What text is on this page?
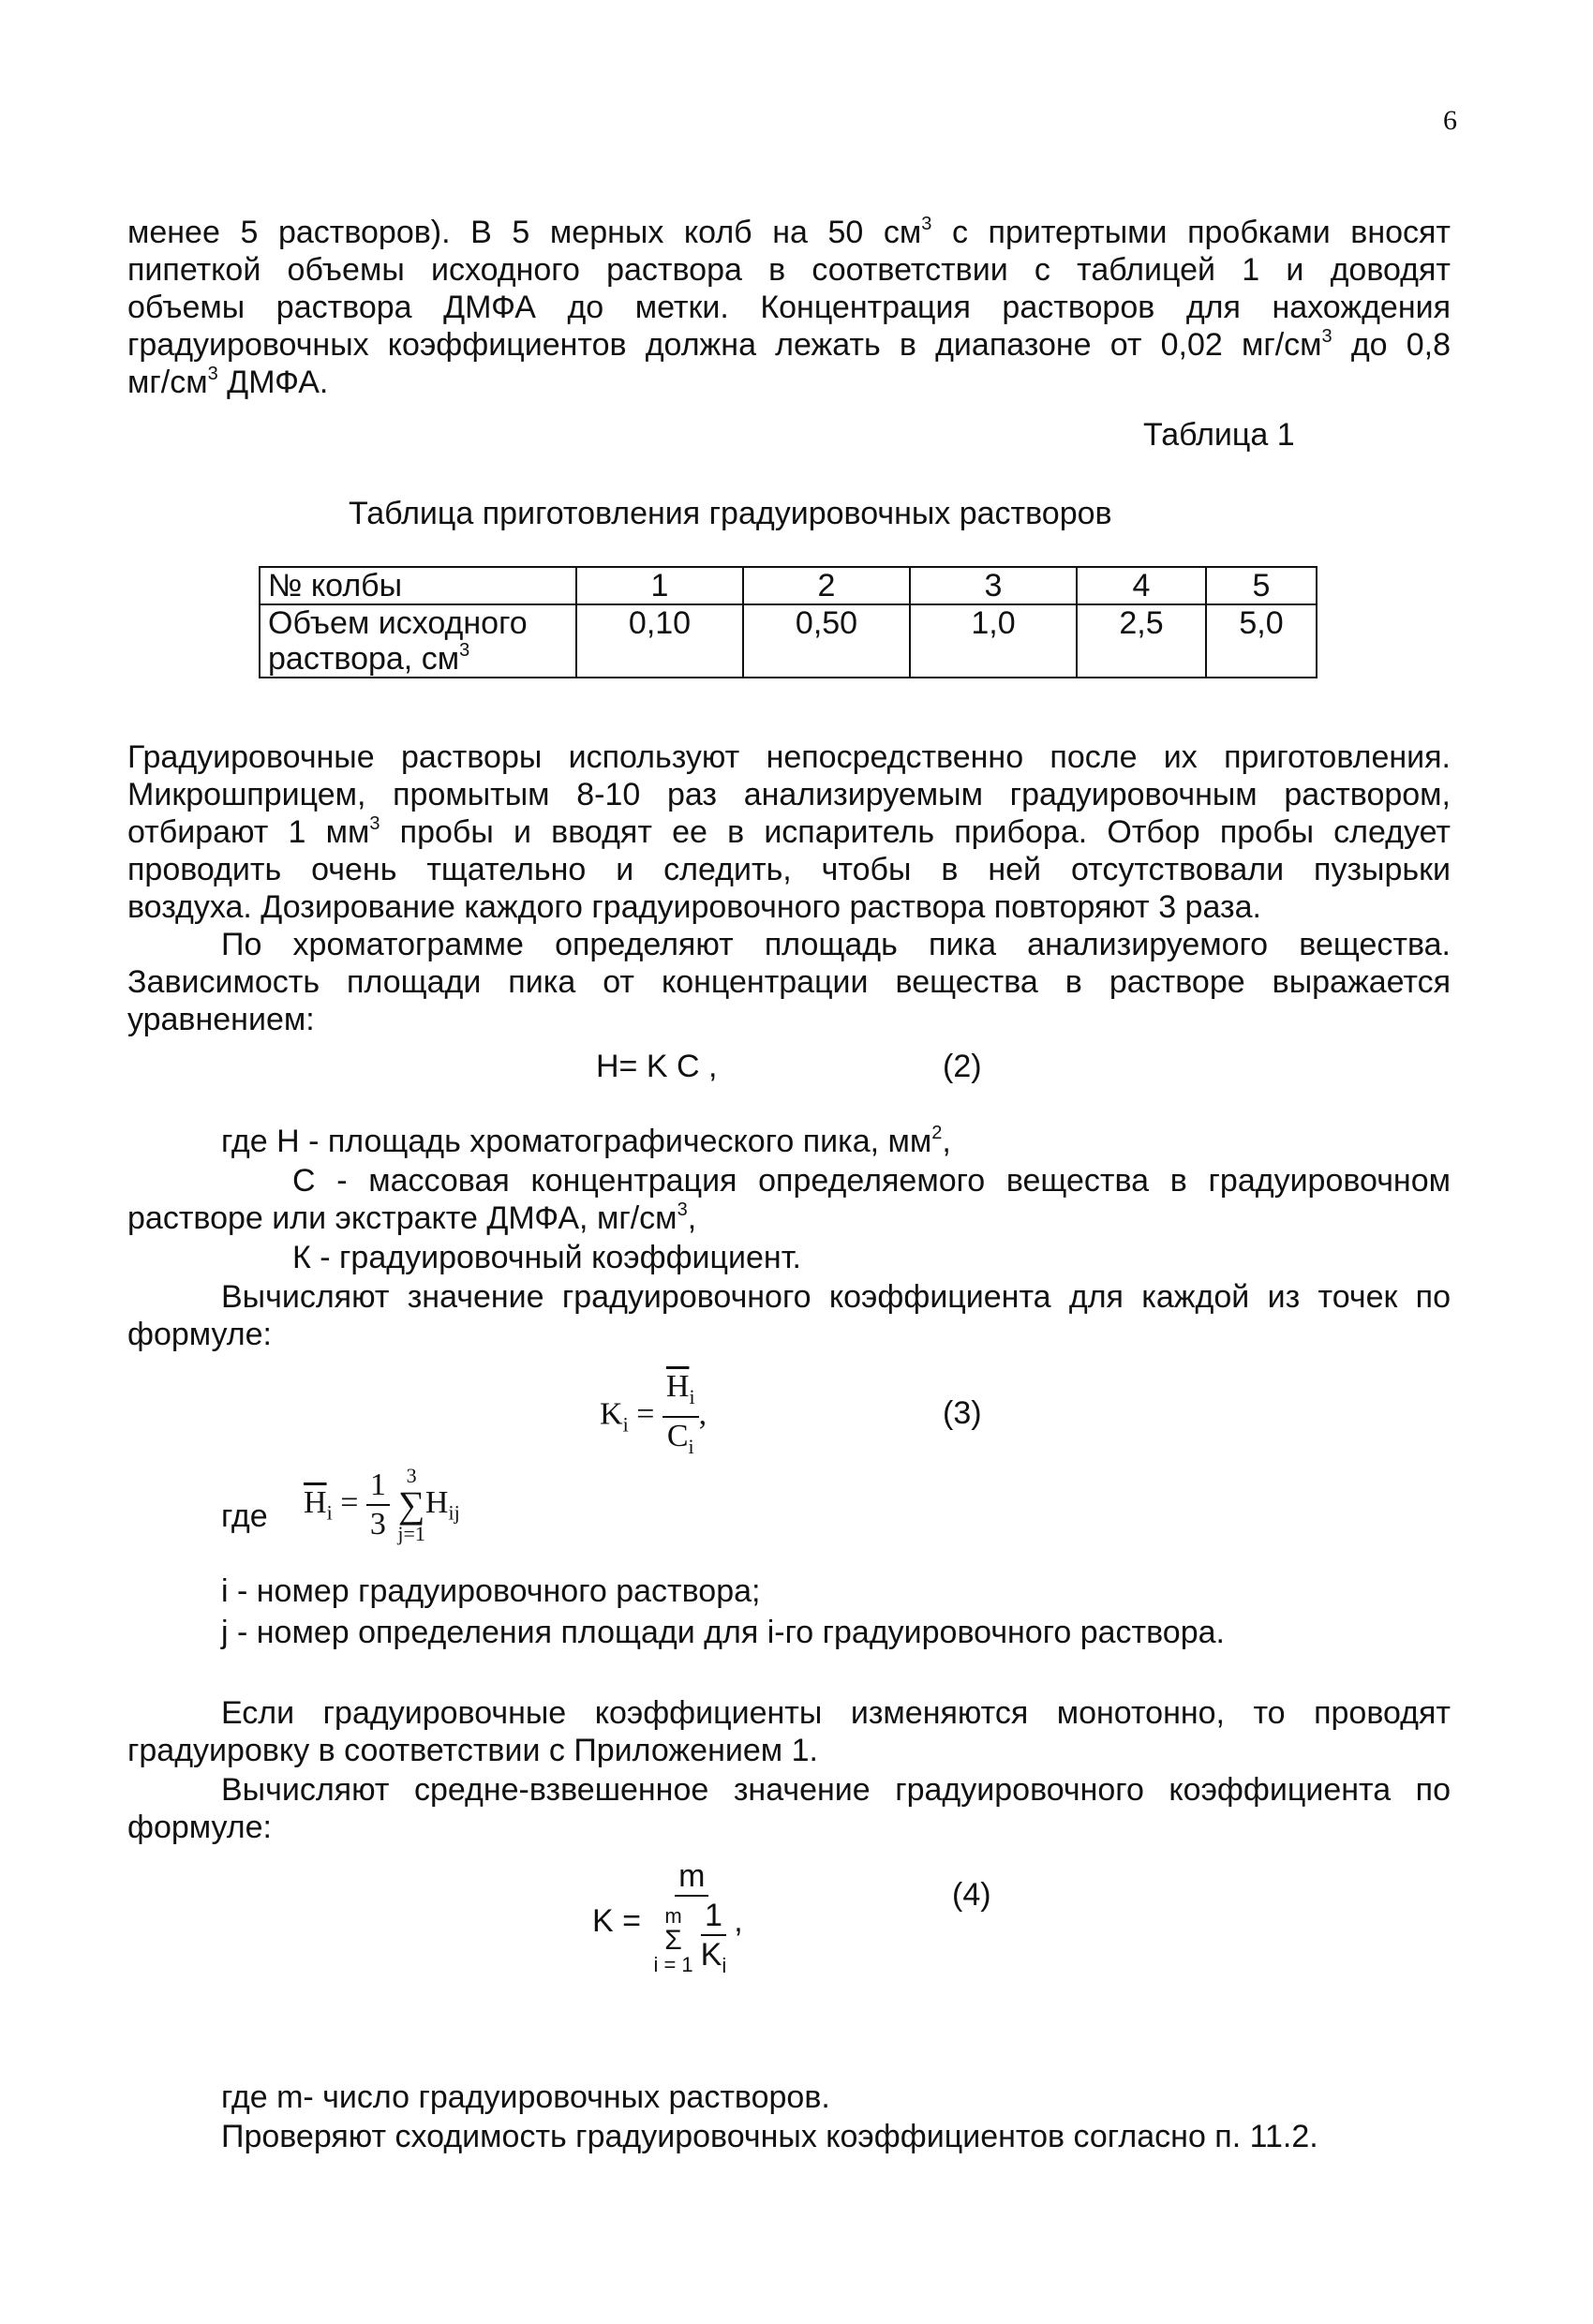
6
менее 5 растворов). В 5 мерных колб на 50 $см^3$ с притертыми пробками вносят
пипеткой объемы исходного раствора в соответствии с таблицей 1 и доводят
объемы раствора ДМФА до метки. Концентрация растворов для нахождения
градуировочных коэффициентов должна лежать в диапазоне от 0,02 $мг/см^3$ до 0,8
$мг/см^3$ ДМФА.
Таблица 1
Таблица приготовления градуировочных растворов
№ колбы	1	2	3	4	5
Объем исходного
раствора, $см^3$	0,10	0,50	1,0	2,5	5,0
Градуировочные растворы используют непосредственно после их приготовления.
Микрошприцем, промытым 8-10 раз анализируемым градуировочным раствором,
отбирают 1 $мм^3$ пробы и вводят ее в испаритель прибора. Отбор пробы следует
проводить очень тщательно и следить, чтобы в ней отсутствовали пузырьки
воздуха. Дозирование каждого градуировочного раствора повторяют 3 раза.
По хроматограмме определяют площадь пика анализируемого вещества.
Зависимость площади пика от концентрации вещества в растворе выражается
уравнением:
H= K C ,	(2)
где Н - площадь хроматографического пика, $мм^2$,
С - массовая концентрация определяемого вещества в градуировочном
растворе или экстракте ДМФА, $мг/см^3$,
К - градуировочный коэффициент.
Вычисляют значение градуировочного коэффициента для каждой из точек по
формуле:
$K_i = \frac{\overline{H}_i}{C_i}$ ,	(3)
где $\overline{H}_i = \frac{1}{3}$
3
∑
j=1
$H_{ij}$
i - номер градуировочного раствора;
j - номер определения площади для i-го градуировочного раствора.
Если градуировочные коэффициенты изменяются монотонно, то проводят
градуировку в соответствии с Приложением 1.
Вычисляют средне-взвешенное значение градуировочного коэффициента по
формуле:
K = m
m
Σ
$i = 1 \frac{1}{K_i}$ ,
(4)
где m- число градуировочных растворов.
Проверяют сходимость градуировочных коэффициентов согласно п. 11.2.
